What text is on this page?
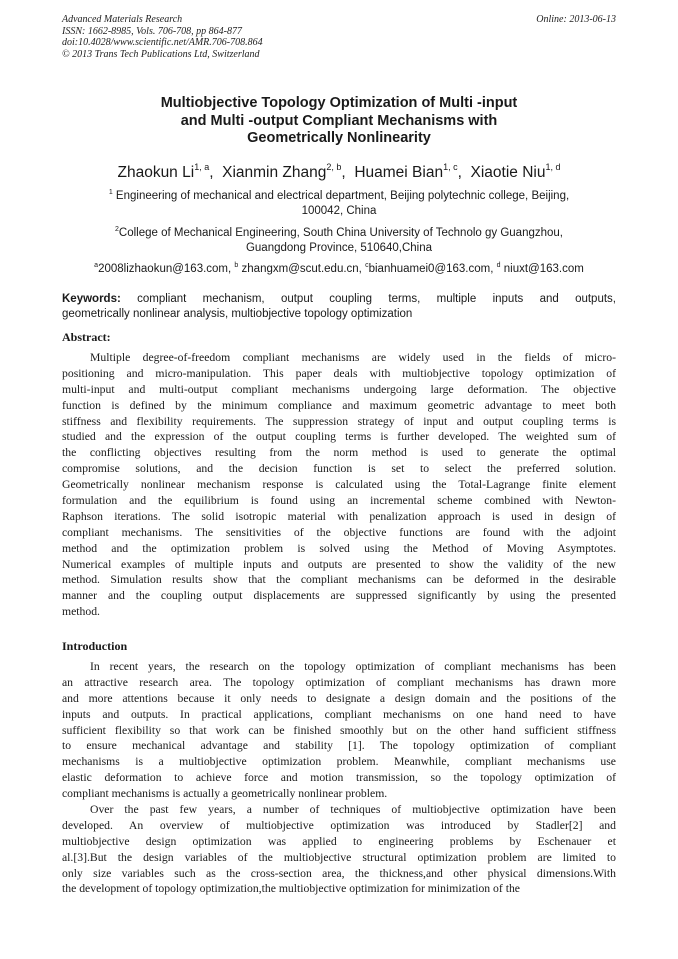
Advanced Materials Research
ISSN: 1662-8985, Vols. 706-708, pp 864-877
doi:10.4028/www.scientific.net/AMR.706-708.864
© 2013 Trans Tech Publications Ltd, Switzerland
Online: 2013-06-13
Multiobjective Topology Optimization of Multi -input
and Multi -output Compliant Mechanisms with
Geometrically Nonlinearity
Zhaokun Li$^{1, a}$,  Xianmin Zhang$^{2, b}$,  Huamei Bian$^{1, c}$,  Xiaotie Niu$^{1, d}$
$^1$ Engineering of mechanical and electrical department, Beijing polytechnic college, Beijing,
100042, China
$^2$College of Mechanical Engineering, South China University of Technolo gy Guangzhou,
Guangdong Province, 510640,China
$^a$2008lizhaokun@163.com, $^b$ zhangxm@scut.edu.cn, $^c$bianhuamei0@163.com, $^d$ niuxt@163.com
Keywords: compliant mechanism, output coupling terms, multiple inputs and outputs,
geometrically nonlinear analysis, multiobjective topology optimization
Abstract:
Multiple degree-of-freedom compliant mechanisms are widely used in the fields of micro-
positioning and micro-manipulation. This paper deals with multiobjective topology optimization of
multi-input and multi-output compliant mechanisms undergoing large deformation. The objective
function is defined by the minimum compliance and maximum geometric advantage to meet both
stiffness and flexibility requirements. The suppression strategy of input and output coupling terms is
studied and the expression of the output coupling terms is further developed. The weighted sum of
the conflicting objectives resulting from the norm method is used to generate the optimal
compromise solutions, and the decision function is set to select the preferred solution.
Geometrically nonlinear mechanism response is calculated using the Total-Lagrange finite element
formulation and the equilibrium is found using an incremental scheme combined with Newton-
Raphson iterations. The solid isotropic material with penalization approach is used in design of
compliant mechanisms. The sensitivities of the objective functions are found with the adjoint
method and the optimization problem is solved using the Method of Moving Asymptotes.
Numerical examples of multiple inputs and outputs are presented to show the validity of the new
method. Simulation results show that the compliant mechanisms can be deformed in the desirable
manner and the coupling output displacements are suppressed significantly by using the presented
method.
Introduction
In recent years, the research on the topology optimization of compliant mechanisms has been
an attractive research area. The topology optimization of compliant mechanisms has drawn more
and more attentions because it only needs to designate a design domain and the positions of the
inputs and outputs. In practical applications, compliant mechanisms on one hand need to have
sufficient flexibility so that work can be finished smoothly but on the other hand sufficient stiffness
to ensure mechanical advantage and stability [1]. The topology optimization of compliant
mechanisms is a multiobjective optimization problem. Meanwhile, compliant mechanisms use
elastic deformation to achieve force and motion transmission, so the topology optimization of
compliant mechanisms is actually a geometrically nonlinear problem.
Over the past few years, a number of techniques of multiobjective optimization have been
developed. An overview of multiobjective optimization was introduced by Stadler[2] and
multiobjective design optimization was applied to engineering problems by Eschenauer et
al.[3].But the design variables of the multiobjective structural optimization problem are limited to
only size variables such as the cross-section area, the thickness,and other physical dimensions.With
the development of topology optimization,the multiobjective optimization for minimization of the
